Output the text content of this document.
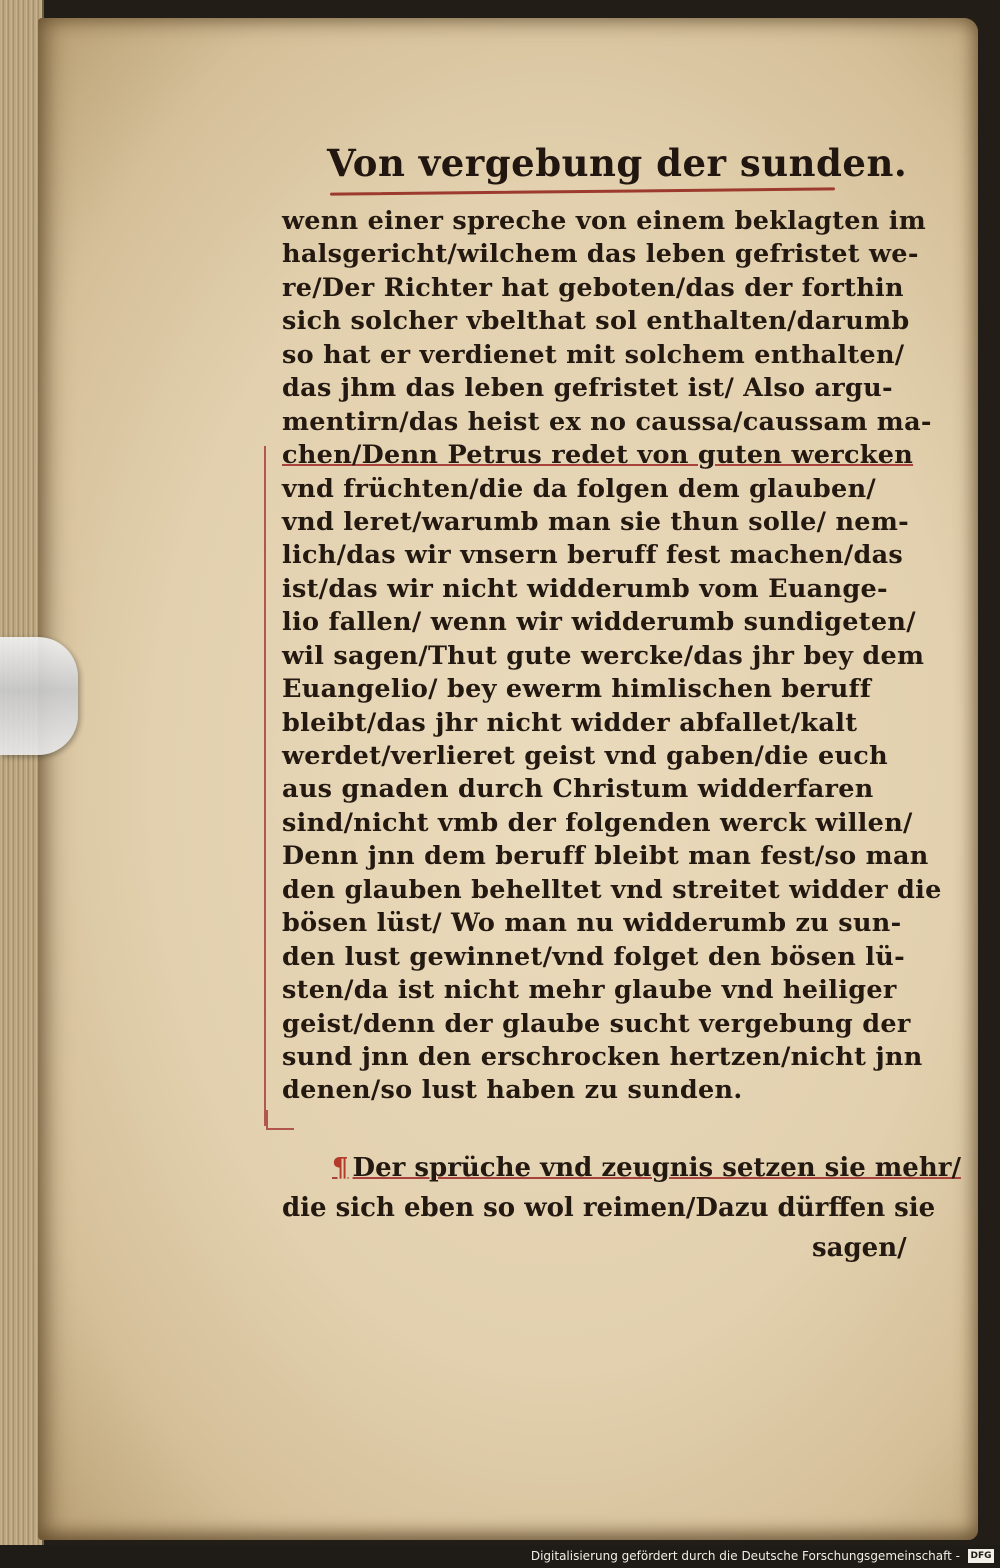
Von vergebung der sunden.
wenn einer spreche von einem beklagten im
halsgericht/wilchem das leben gefristet we-
re/Der Richter hat geboten/das der forthin
sich solcher vbelthat sol enthalten/darumb
so hat er verdienet mit solchem enthalten/
das jhm das leben gefristet ist/ Also argu-
mentirn/das heist ex no caussa/caussam ma-
chen/Denn Petrus redet von guten wercken
vnd früchten/die da folgen dem glauben/
vnd leret/warumb man sie thun solle/ nem-
lich/das wir vnsern beruff fest machen/das
ist/das wir nicht widderumb vom Euange-
lio fallen/ wenn wir widderumb sundigeten/
wil sagen/Thut gute wercke/das jhr bey dem
Euangelio/ bey ewerm himlischen beruff
bleibt/das jhr nicht widder abfallet/kalt
werdet/verlieret geist vnd gaben/die euch
aus gnaden durch Christum widderfaren
sind/nicht vmb der folgenden werck willen/
Denn jnn dem beruff bleibt man fest/so man
den glauben behelltet vnd streitet widder die
bösen lüst/ Wo man nu widderumb zu sun-
den lust gewinnet/vnd folget den bösen lü-
sten/da ist nicht mehr glaube vnd heiliger
geist/denn der glaube sucht vergebung der
sund jnn den erschrocken hertzen/nicht jnn
denen/so lust haben zu sunden.
¶ Der sprüche vnd zeugnis setzen sie mehr/
die sich eben so wol reimen/Dazu dürffen sie
sagen/
Digitalisierung gefördert durch die Deutsche Forschungsgemeinschaft - DFG
